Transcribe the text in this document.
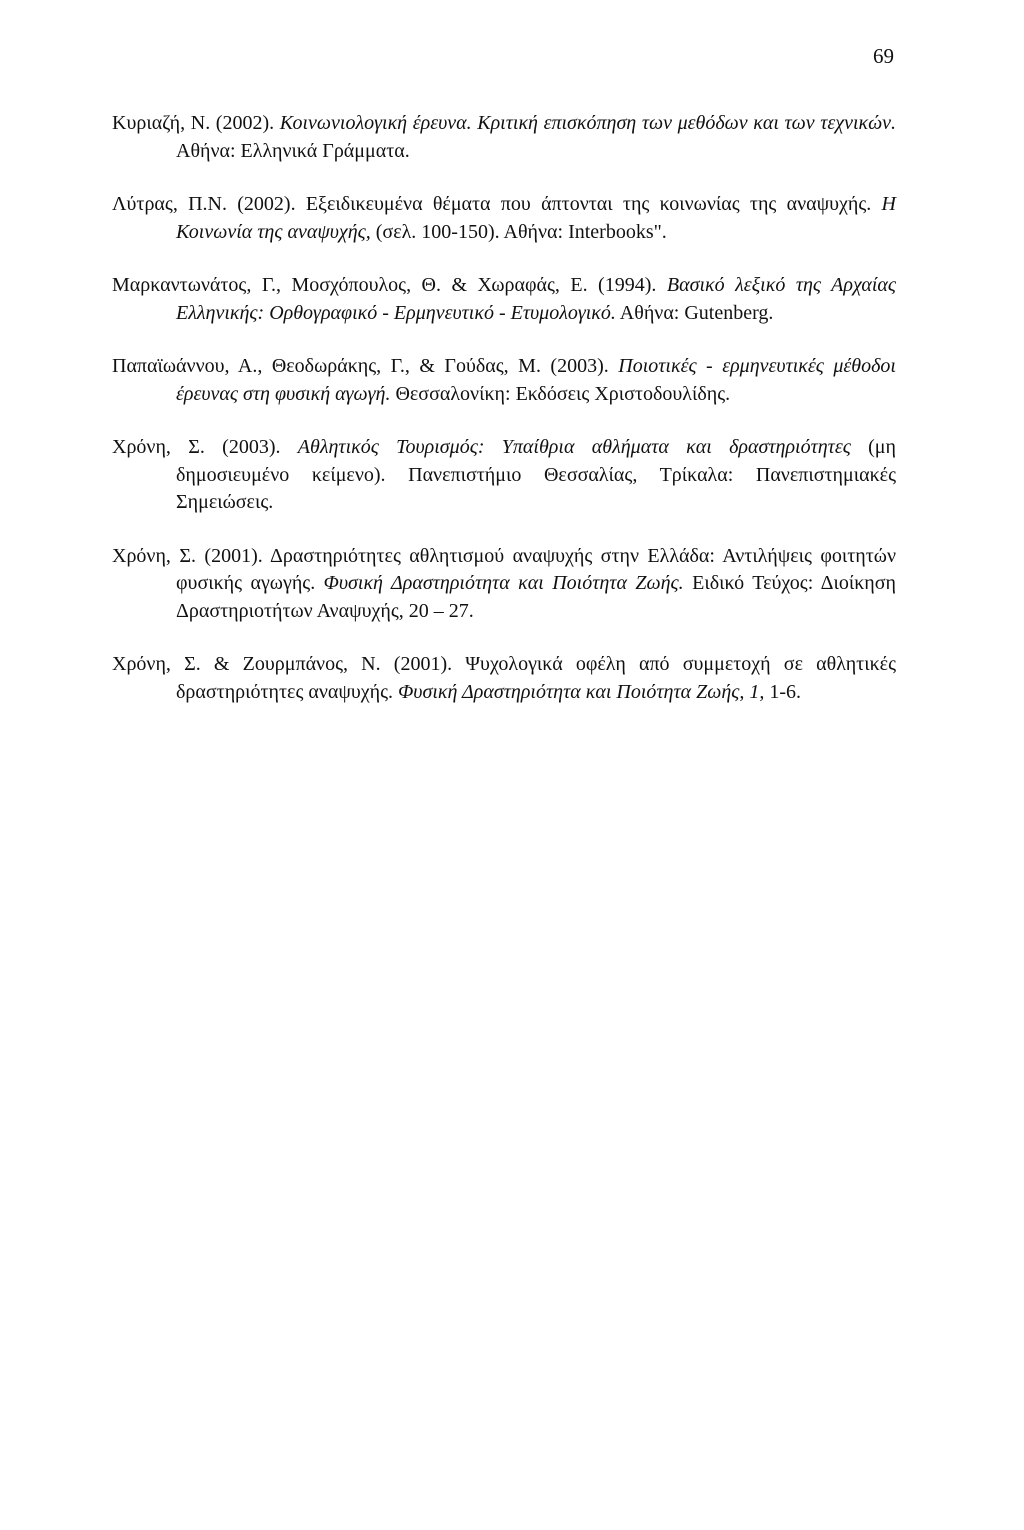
69

Κυριαζή, Ν. (2002). Κοινωνιολογική έρευνα. Κριτική επισκόπηση των μεθόδων και των τεχνικών. Αθήνα: Ελληνικά Γράμματα.

Λύτρας, Π.Ν. (2002). Εξειδικευμένα θέματα που άπτονται της κοινωνίας της αναψυχής. Η Κοινωνία της αναψυχής, (σελ. 100-150). Αθήνα: Interbooks".

Μαρκαντωνάτος, Γ., Μοσχόπουλος, Θ. & Χωραφάς, Ε. (1994). Βασικό λεξικό της Αρχαίας Ελληνικής: Ορθογραφικό - Ερμηνευτικό - Ετυμολογικό. Αθήνα: Gutenberg.

Παπαϊωάννου, Α., Θεοδωράκης, Γ., & Γούδας, Μ. (2003). Ποιοτικές - ερμηνευτικές μέθοδοι έρευνας στη φυσική αγωγή. Θεσσαλονίκη: Εκδόσεις Χριστοδουλίδης.

Χρόνη, Σ. (2003). Αθλητικός Τουρισμός: Υπαίθρια αθλήματα και δραστηριότητες (μη δημοσιευμένο κείμενο). Πανεπιστήμιο Θεσσαλίας, Τρίκαλα: Πανεπιστημιακές Σημειώσεις.

Χρόνη, Σ. (2001). Δραστηριότητες αθλητισμού αναψυχής στην Ελλάδα: Αντιλήψεις φοιτητών φυσικής αγωγής. Φυσική Δραστηριότητα και Ποιότητα Ζωής. Ειδικό Τεύχος: Διοίκηση Δραστηριοτήτων Αναψυχής, 20 – 27.

Χρόνη, Σ. & Ζουρμπάνος, Ν. (2001). Ψυχολογικά οφέλη από συμμετοχή σε αθλητικές δραστηριότητες αναψυχής. Φυσική Δραστηριότητα και Ποιότητα Ζωής, 1, 1-6.
